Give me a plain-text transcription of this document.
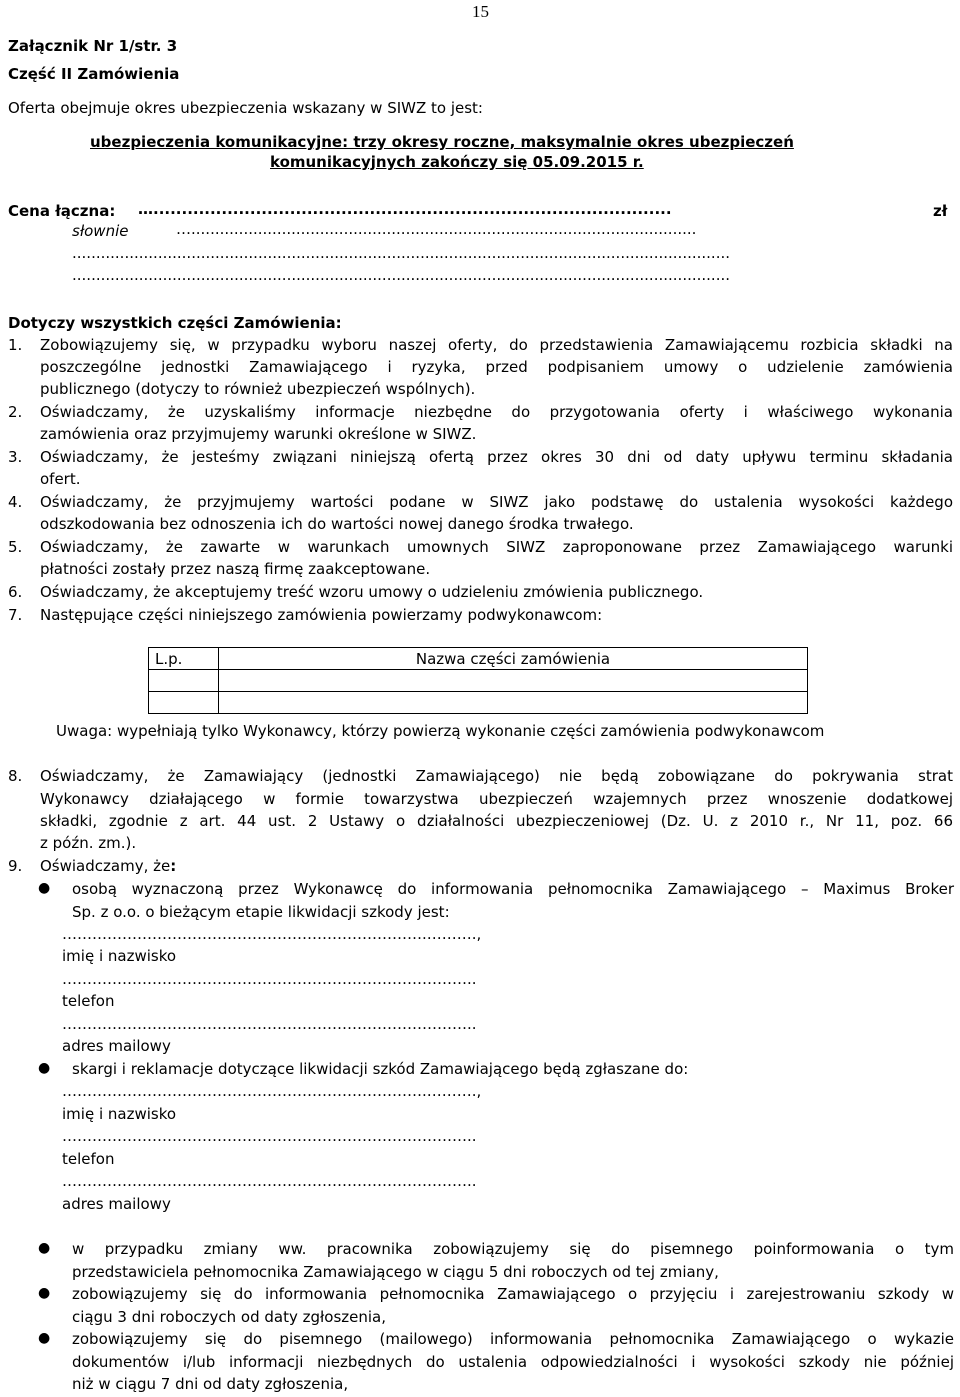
15
Załącznik Nr 1/str. 3
Część II Zamówienia
Oferta obejmuje okres ubezpieczenia wskazany w SIWZ to jest:
ubezpieczenia komunikacyjne: trzy okresy roczne, maksymalnie okres ubezpieczeń
komunikacyjnych zakończy się 05.09.2015 r.
Cena łączna: …...........................................................................................	zł
słownie	…..........................................................................................................
..........................................................................................................................................
..........................................................................................................................................
Dotyczy wszystkich części Zamówienia:
1. Zobowiązujemy się, w przypadku wyboru naszej oferty, do przedstawienia Zamawiającemu rozbicia składki na
poszczególne jednostki Zamawiającego i ryzyka, przed podpisaniem umowy o udzielenie zamówienia
publicznego (dotyczy to również ubezpieczeń wspólnych).
2. Oświadczamy, że uzyskaliśmy informacje niezbędne do przygotowania oferty i właściwego wykonania
zamówienia oraz przyjmujemy warunki określone w SIWZ.
3. Oświadczamy, że jesteśmy związani niniejszą ofertą przez okres 30 dni od daty upływu terminu składania
ofert.
4. Oświadczamy, że przyjmujemy wartości podane w SIWZ jako podstawę do ustalenia wysokości każdego
odszkodowania bez odnoszenia ich do wartości nowej danego środka trwałego.
5. Oświadczamy, że zawarte w warunkach umownych SIWZ zaproponowane przez Zamawiającego warunki
płatności zostały przez naszą firmę zaakceptowane.
6. Oświadczamy, że akceptujemy treść wzoru umowy o udzieleniu zmówienia publicznego.
7. Następujące części niniejszego zamówienia powierzamy podwykonawcom:
L.p.	Nazwa części zamówienia

Uwaga: wypełniają tylko Wykonawcy, którzy powierzą wykonanie części zamówienia podwykonawcom
8. Oświadczamy, że Zamawiający (jednostki Zamawiającego) nie będą zobowiązane do pokrywania strat
Wykonawcy działającego w formie towarzystwa ubezpieczeń wzajemnych przez wnoszenie dodatkowej
składki, zgodnie z art. 44 ust. 2 Ustawy o działalności ubezpieczeniowej (Dz. U. z 2010 r., Nr 11, poz. 66
z późn. zm.).
9. Oświadczamy, że:
● osobą wyznaczoną przez Wykonawcę do informowania pełnomocnika Zamawiającego – Maximus Broker
Sp. z o.o. o bieżącym etapie likwidacji szkody jest:
……………………………………………………………….……….,
imię i nazwisko
………………………………………………………………………..
telefon
………………………………………………………………………..
adres mailowy
● skargi i reklamacje dotyczące likwidacji szkód Zamawiającego będą zgłaszane do:
……………………………………………………………….……….,
imię i nazwisko
………………………………………………………………………..
telefon
………………………………………………………………………..
adres mailowy
● w przypadku zmiany ww. pracownika zobowiązujemy się do pisemnego poinformowania o tym
przedstawiciela pełnomocnika Zamawiającego w ciągu 5 dni roboczych od tej zmiany,
● zobowiązujemy się do informowania pełnomocnika Zamawiającego o przyjęciu i zarejestrowaniu szkody w
ciągu 3 dni roboczych od daty zgłoszenia,
● zobowiązujemy się do pisemnego (mailowego) informowania pełnomocnika Zamawiającego o wykazie
dokumentów i/lub informacji niezbędnych do ustalenia odpowiedzialności i wysokości szkody nie później
niż w ciągu 7 dni od daty zgłoszenia,
